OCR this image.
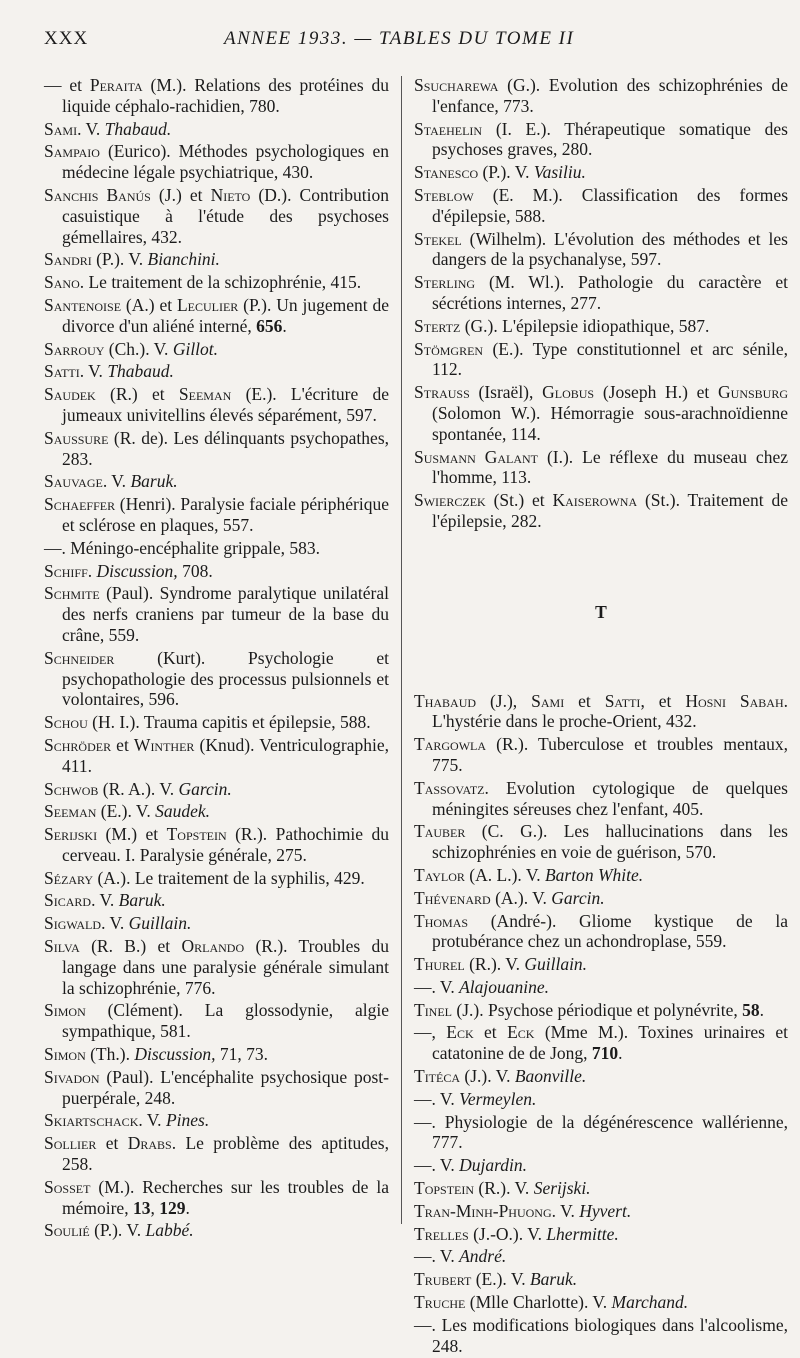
XXX	ANNEE 1933. — TABLES DU TOME II

— et Peraita (M.). Relations des protéines du liquide céphalo-rachidien, 780.

Sami. V. Thabaud.

Sampaio (Eurico). Méthodes psychologiques en médecine légale psychiatrique, 430.

Sanchis Banús (J.) et Nieto (D.). Contribution casuistique à l'étude des psychoses gémellaires, 432.

Sandri (P.). V. Bianchini.

Sano. Le traitement de la schizophrénie, 415.

Santenoise (A.) et Leculier (P.). Un jugement de divorce d'un aliéné interné, 656.

Sarrouy (Ch.). V. Gillot.

Satti. V. Thabaud.

Saudek (R.) et Seeman (E.). L'écriture de jumeaux univitellins élevés séparément, 597.

Saussure (R. de). Les délinquants psychopathes, 283.

Sauvage. V. Baruk.

Schaeffer (Henri). Paralysie faciale périphérique et sclérose en plaques, 557.

—. Méningo-encéphalite grippale, 583.

Schiff. Discussion, 708.

Schmite (Paul). Syndrome paralytique unilatéral des nerfs craniens par tumeur de la base du crâne, 559.

Schneider (Kurt). Psychologie et psychopathologie des processus pulsionnels et volontaires, 596.

Schou (H. I.). Trauma capitis et épilepsie, 588.

Schröder et Winther (Knud). Ventriculographie, 411.

Schwob (R. A.). V. Garcin.

Seeman (E.). V. Saudek.

Serijski (M.) et Topstein (R.). Pathochimie du cerveau. I. Paralysie générale, 275.

Sézary (A.). Le traitement de la syphilis, 429.

Sicard. V. Baruk.

Sigwald. V. Guillain.

Silva (R. B.) et Orlando (R.). Troubles du langage dans une paralysie générale simulant la schizophrénie, 776.

Simon (Clément). La glossodynie, algie sympathique, 581.

Simon (Th.). Discussion, 71, 73.

Sivadon (Paul). L'encéphalite psychosique post-puerpérale, 248.

Skiartschack. V. Pines.

Sollier et Drabs. Le problème des aptitudes, 258.

Sosset (M.). Recherches sur les troubles de la mémoire, 13, 129.

Soulié (P.). V. Labbé.

Ssucharewa (G.). Evolution des schizophrénies de l'enfance, 773.

Staehelin (I. E.). Thérapeutique somatique des psychoses graves, 280.

Stanesco (P.). V. Vasiliu.

Steblow (E. M.). Classification des formes d'épilepsie, 588.

Stekel (Wilhelm). L'évolution des méthodes et les dangers de la psychanalyse, 597.

Sterling (M. Wl.). Pathologie du caractère et sécrétions internes, 277.

Stertz (G.). L'épilepsie idiopathique, 587.

Stömgren (E.). Type constitutionnel et arc sénile, 112.

Strauss (Israël), Globus (Joseph H.) et Gunsburg (Solomon W.). Hémorragie sous-arachnoïdienne spontanée, 114.

Susmann Galant (I.). Le réflexe du museau chez l'homme, 113.

Swierczek (St.) et Kaiserowna (St.). Traitement de l'épilepsie, 282.

T

Thabaud (J.), Sami et Satti, et Hosni Sabah. L'hystérie dans le proche-Orient, 432.

Targowla (R.). Tuberculose et troubles mentaux, 775.

Tassovatz. Evolution cytologique de quelques méningites séreuses chez l'enfant, 405.

Tauber (C. G.). Les hallucinations dans les schizophrénies en voie de guérison, 570.

Taylor (A. L.). V. Barton White.

Thévenard (A.). V. Garcin.

Thomas (André-). Gliome kystique de la protubérance chez un achondroplase, 559.

Thurel (R.). V. Guillain.

—. V. Alajouanine.

Tinel (J.). Psychose périodique et polynévrite, 58.

—, Eck et Eck (Mme M.). Toxines urinaires et catatonine de de Jong, 710.

Titéca (J.). V. Baonville.

—. V. Vermeylen.

—. Physiologie de la dégénérescence wallérienne, 777.

—. V. Dujardin.

Topstein (R.). V. Serijski.

Tran-Minh-Phuong. V. Hyvert.

Trelles (J.-O.). V. Lhermitte.

—. V. André.

Trubert (E.). V. Baruk.

Truche (Mlle Charlotte). V. Marchand.

—. Les modifications biologiques dans l'alcoolisme, 248.
